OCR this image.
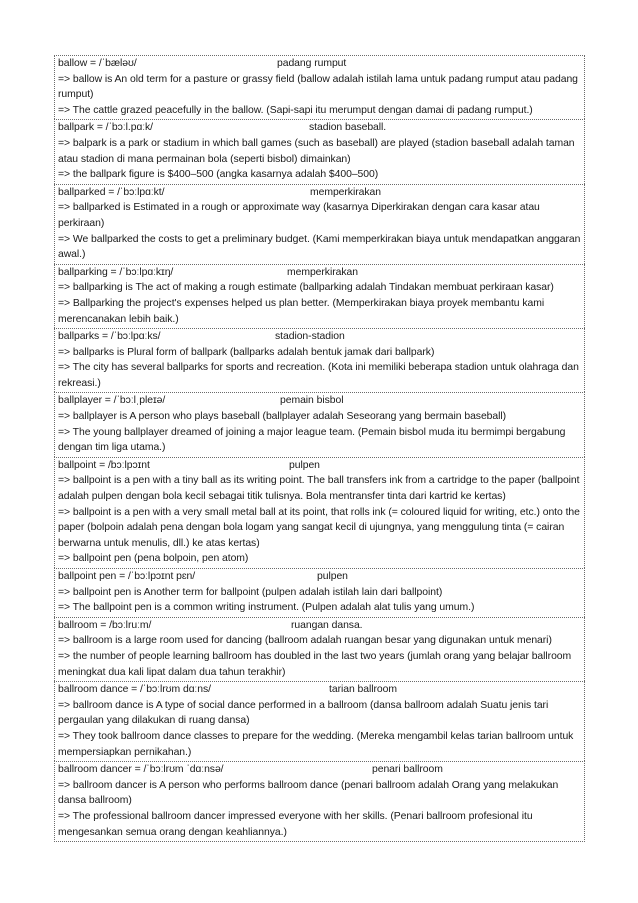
ballow = /ˈbæləʊ/	padang rumput
=> ballow is An old term for a pasture or grassy field (ballow adalah istilah lama untuk padang rumput atau padang rumput)
=> The cattle grazed peacefully in the ballow. (Sapi-sapi itu merumput dengan damai di padang rumput.)
ballpark = /ˈbɔːl.pɑːk/	stadion baseball.
=> balpark is a park or stadium in which ball games (such as baseball) are played (stadion baseball adalah taman atau stadion di mana permainan bola (seperti bisbol) dimainkan)
=> the ballpark figure is $400–500 (angka kasarnya adalah $400–500)
ballparked = /ˈbɔːlpɑːkt/	memperkirakan
=> ballparked is Estimated in a rough or approximate way (kasarnya Diperkirakan dengan cara kasar atau perkiraan)
=> We ballparked the costs to get a preliminary budget. (Kami memperkirakan biaya untuk mendapatkan anggaran awal.)
ballparking = /ˈbɔːlpɑːkɪŋ/	memperkirakan
=> ballparking is The act of making a rough estimate (ballparking adalah Tindakan membuat perkiraan kasar)
=> Ballparking the project's expenses helped us plan better. (Memperkirakan biaya proyek membantu kami merencanakan lebih baik.)
ballparks = /ˈbɔːlpɑːks/	stadion-stadion
=> ballparks is Plural form of ballpark (ballparks adalah bentuk jamak dari ballpark)
=> The city has several ballparks for sports and recreation. (Kota ini memiliki beberapa stadion untuk olahraga dan rekreasi.)
ballplayer = /ˈbɔːlˌpleɪə/	pemain bisbol
=> ballplayer is A person who plays baseball (ballplayer adalah Seseorang yang bermain baseball)
=> The young ballplayer dreamed of joining a major league team. (Pemain bisbol muda itu bermimpi bergabung dengan tim liga utama.)
ballpoint = /bɔːlpɔɪnt	pulpen
=> ballpoint is a pen with a tiny ball as its writing point. The ball transfers ink from a cartridge to the paper (ballpoint adalah pulpen dengan bola kecil sebagai titik tulisnya. Bola mentransfer tinta dari kartrid ke kertas)
=> ballpoint is a pen with a very small metal ball at its point, that rolls ink (= coloured liquid for writing, etc.) onto the paper (bolpoin adalah pena dengan bola logam yang sangat kecil di ujungnya, yang menggulung tinta (= cairan berwarna untuk menulis, dll.) ke atas kertas)
=> ballpoint pen (pena bolpoin, pen atom)
ballpoint pen = /ˈbɔːlpɔɪnt pɛn/	pulpen
=> ballpoint pen is Another term for ballpoint (pulpen adalah istilah lain dari ballpoint)
=> The ballpoint pen is a common writing instrument. (Pulpen adalah alat tulis yang umum.)
ballroom = /bɔːlruːm/	ruangan dansa.
=> ballroom is a large room used for dancing (ballroom adalah ruangan besar yang digunakan untuk menari)
=> the number of people learning ballroom has doubled in the last two years (jumlah orang yang belajar ballroom meningkat dua kali lipat dalam dua tahun terakhir)
ballroom dance = /ˈbɔːlrʊm dɑːns/	tarian ballroom
=> ballroom dance is A type of social dance performed in a ballroom (dansa ballroom adalah Suatu jenis tari pergaulan yang dilakukan di ruang dansa)
=> They took ballroom dance classes to prepare for the wedding. (Mereka mengambil kelas tarian ballroom untuk mempersiapkan pernikahan.)
ballroom dancer = /ˈbɔːlrʊm ˈdɑːnsə/	penari ballroom
=> ballroom dancer is A person who performs ballroom dance (penari ballroom adalah Orang yang melakukan dansa ballroom)
=> The professional ballroom dancer impressed everyone with her skills. (Penari ballroom profesional itu mengesankan semua orang dengan keahliannya.)
